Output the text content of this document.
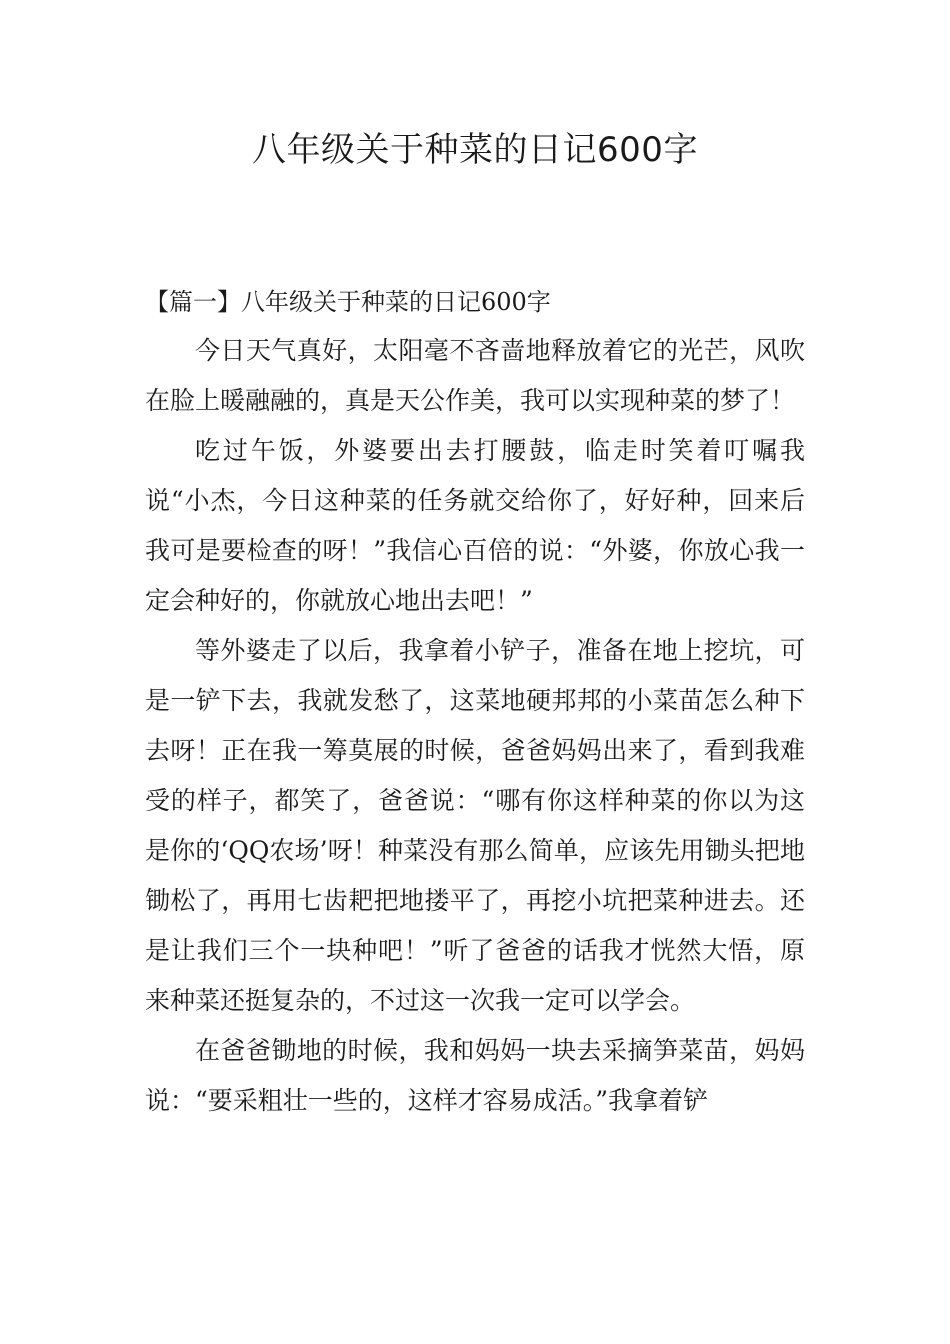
八年级关于种菜的日记600字
【篇一】八年级关于种菜的日记600字

今日天气真好，太阳毫不吝啬地释放着它的光芒，风吹在脸上暖融融的，真是天公作美，我可以实现种菜的梦了！

吃过午饭，外婆要出去打腰鼓，临走时笑着叮嘱我说“小杰，今日这种菜的任务就交给你了，好好种，回来后我可是要检查的呀！”我信心百倍的说：“外婆，你放心我一定会种好的，你就放心地出去吧！”

等外婆走了以后，我拿着小铲子，准备在地上挖坑，可是一铲下去，我就发愁了，这菜地硬邦邦的小菜苗怎么种下去呀！正在我一筹莫展的时候，爸爸妈妈出来了，看到我难受的样子，都笑了，爸爸说：“哪有你这样种菜的你以为这是你的‘QQ农场’呀！种菜没有那么简单，应该先用锄头把地锄松了，再用七齿耙把地搂平了，再挖小坑把菜种进去。还是让我们三个一块种吧！”听了爸爸的话我才恍然大悟，原来种菜还挺复杂的，不过这一次我一定可以学会。

在爸爸锄地的时候，我和妈妈一块去采摘笋菜苗，妈妈说：“要采粗壮一些的，这样才容易成活。”我拿着铲
